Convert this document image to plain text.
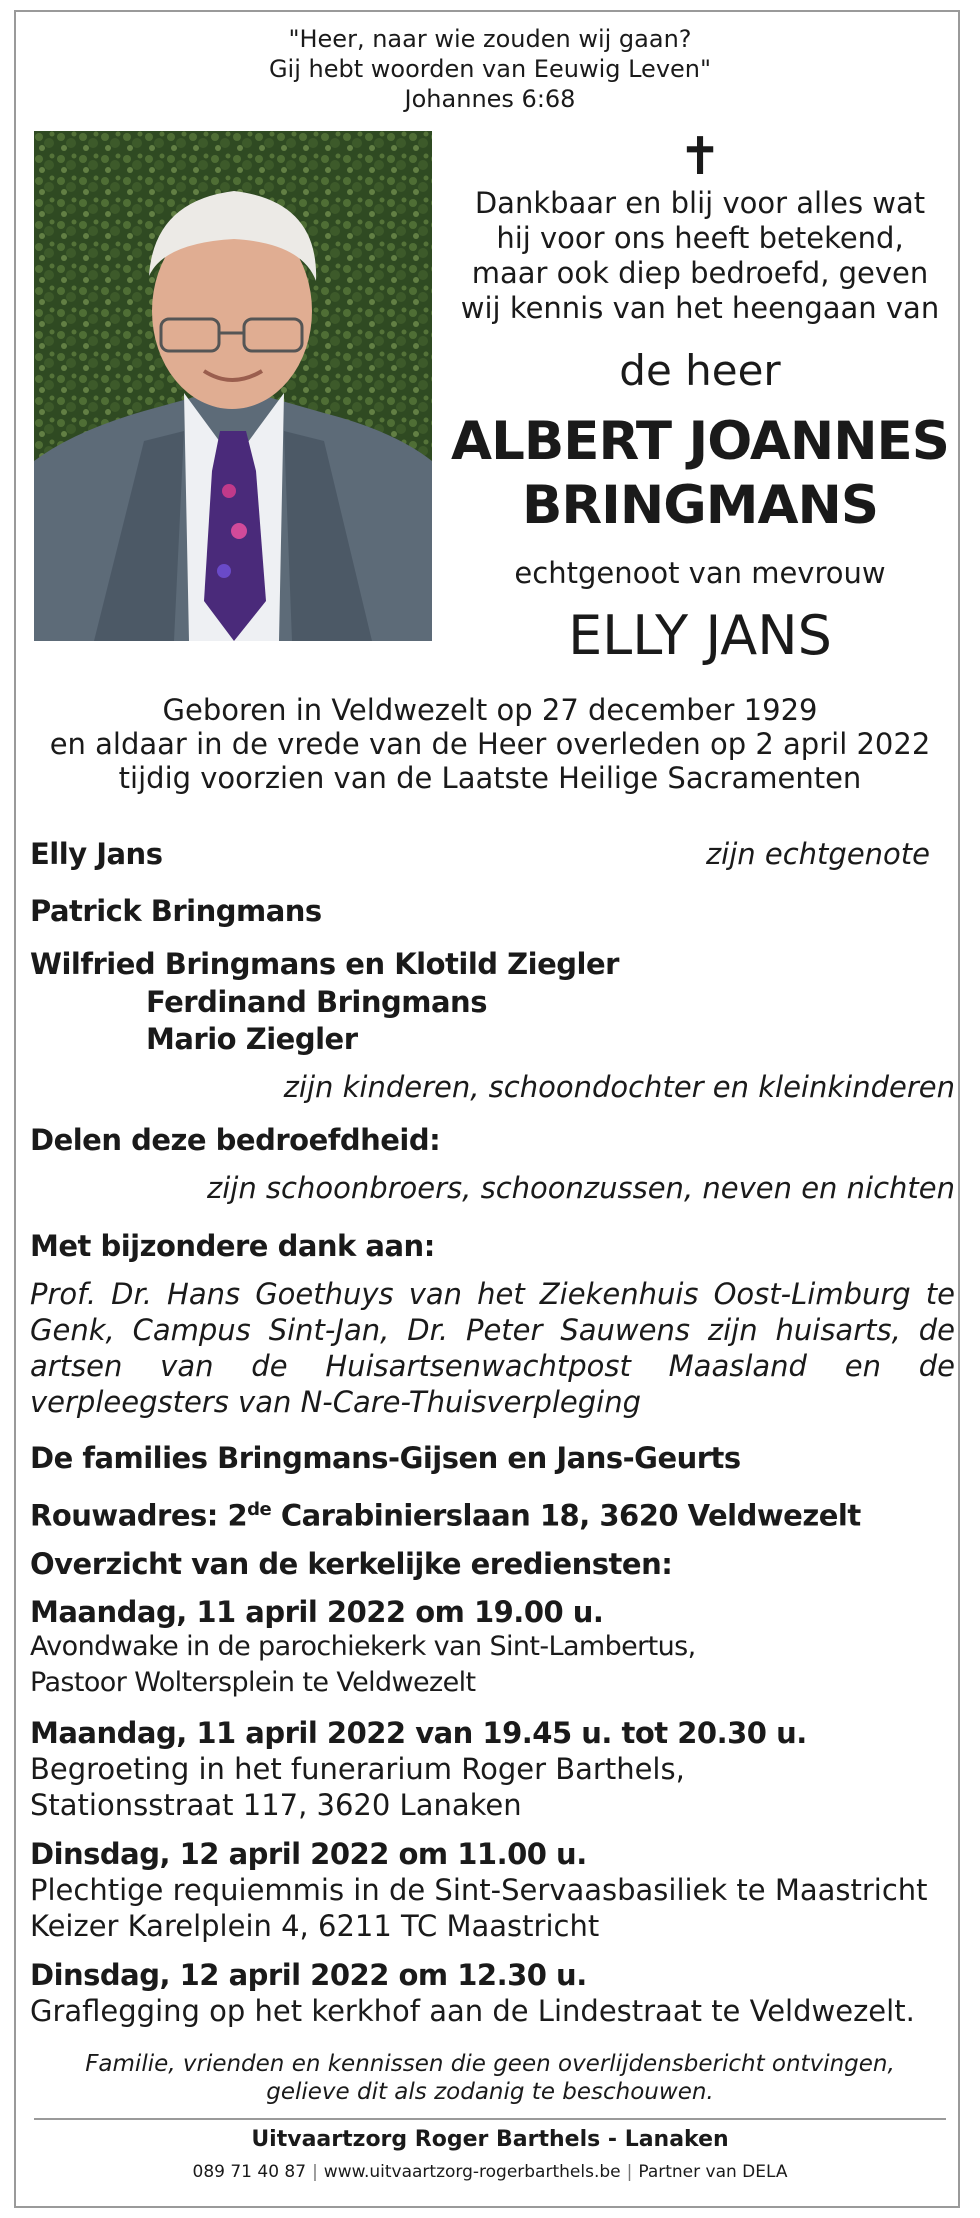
"Heer, naar wie zouden wij gaan?
Gij hebt woorden van Eeuwig Leven"
Johannes 6:68
✝
Dankbaar en blij voor alles wat
hij voor ons heeft betekend,
maar ook diep bedroefd, geven
wij kennis van het heengaan van
de heer
ALBERT JOANNES
BRINGMANS
echtgenoot van mevrouw
ELLY JANS
Geboren in Veldwezelt op 27 december 1929
en aldaar in de vrede van de Heer overleden op 2 april 2022
tijdig voorzien van de Laatste Heilige Sacramenten
Elly Jans	zijn echtgenote
Patrick Bringmans
Wilfried Bringmans en Klotild Ziegler
Ferdinand Bringmans
Mario Ziegler
zijn kinderen, schoondochter en kleinkinderen
Delen deze bedroefdheid:
zijn schoonbroers, schoonzussen, neven en nichten
Met bijzondere dank aan:
Prof. Dr. Hans Goethuys van het Ziekenhuis Oost-Limburg te Genk, Campus Sint-Jan, Dr. Peter Sauwens zijn huisarts, de artsen van de Huisartsenwachtpost Maasland en de verpleegsters van N-Care-Thuisverpleging
De families Bringmans-Gijsen en Jans-Geurts
Rouwadres: 2de Carabinierslaan 18, 3620 Veldwezelt
Overzicht van de kerkelijke erediensten:
Maandag, 11 april 2022 om 19.00 u.
Avondwake in de parochiekerk van Sint-Lambertus,
Pastoor Woltersplein te Veldwezelt
Maandag, 11 april 2022 van 19.45 u. tot 20.30 u.
Begroeting in het funerarium Roger Barthels,
Stationsstraat 117, 3620 Lanaken
Dinsdag, 12 april 2022 om 11.00 u.
Plechtige requiemmis in de Sint-Servaasbasiliek te Maastricht
Keizer Karelplein 4, 6211 TC Maastricht
Dinsdag, 12 april 2022 om 12.30 u.
Graflegging op het kerkhof aan de Lindestraat te Veldwezelt.
Familie, vrienden en kennissen die geen overlijdensbericht ontvingen,
gelieve dit als zodanig te beschouwen.
Uitvaartzorg Roger Barthels - Lanaken
089 71 40 87 | www.uitvaartzorg-rogerbarthels.be | Partner van DELA
